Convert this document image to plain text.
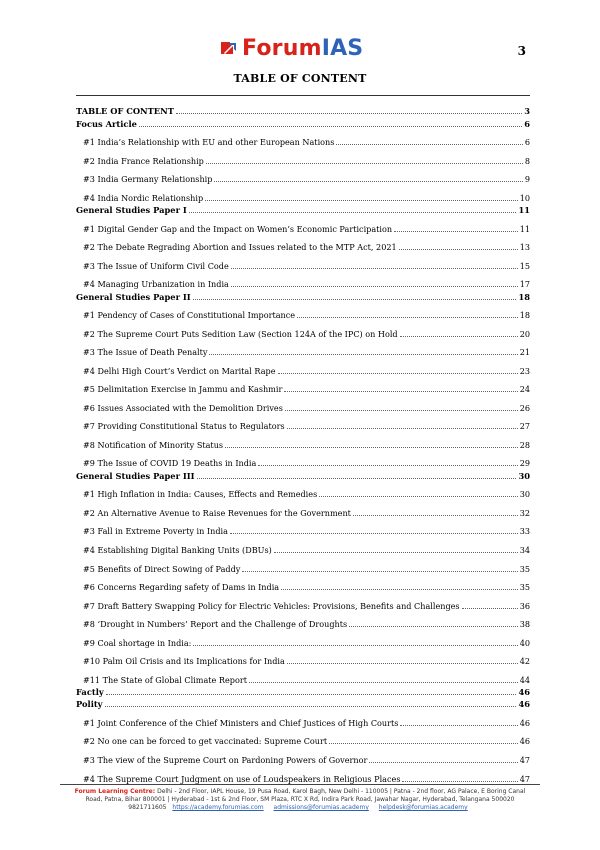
ForumIAS	3
TABLE OF CONTENT
TABLE OF CONTENT	3
Focus Article	6
#1 India’s Relationship with EU and other European Nations	6
#2 India France Relationship	8
#3 India Germany Relationship	9
#4 India Nordic Relationship	10
General Studies Paper I	11
#1 Digital Gender Gap and the Impact on Women’s Economic Participation	11
#2 The Debate Regrading Abortion and Issues related to the MTP Act, 2021	13
#3 The Issue of Uniform Civil Code	15
#4 Managing Urbanization in India	17
General Studies Paper II	18
#1 Pendency of Cases of Constitutional Importance	18
#2 The Supreme Court Puts Sedition Law (Section 124A of the IPC) on Hold	20
#3 The Issue of Death Penalty	21
#4 Delhi High Court’s Verdict on Marital Rape	23
#5 Delimitation Exercise in Jammu and Kashmir	24
#6 Issues Associated with the Demolition Drives	26
#7 Providing Constitutional Status to Regulators	27
#8 Notification of Minority Status	28
#9 The Issue of COVID 19 Deaths in India	29
General Studies Paper III	30
#1 High Inflation in India: Causes, Effects and Remedies	30
#2 An Alternative Avenue to Raise Revenues for the Government	32
#3 Fall in Extreme Poverty in India	33
#4 Establishing Digital Banking Units (DBUs)	34
#5 Benefits of Direct Sowing of Paddy	35
#6 Concerns Regarding safety of Dams in India	35
#7 Draft Battery Swapping Policy for Electric Vehicles: Provisions, Benefits and Challenges	36
#8 ‘Drought in Numbers’ Report and the Challenge of Droughts	38
#9 Coal shortage in India:	40
#10 Palm Oil Crisis and its Implications for India	42
#11 The State of Global Climate Report	44
Factly	46
Polity	46
#1 Joint Conference of the Chief Ministers and Chief Justices of High Courts	46
#2 No one can be forced to get vaccinated: Supreme Court	46
#3 The view of the Supreme Court on Pardoning Powers of Governor	47
#4 The Supreme Court Judgment on use of Loudspeakers in Religious Places	47
Forum Learning Centre: Delhi - 2nd Floor, IAPL House, 19 Pusa Road, Karol Bagh, New Delhi - 110005 | Patna - 2nd floor, AG Palace, E Boring Canal
Road, Patna, Bihar 800001 | Hyderabad - 1st & 2nd Floor, SM Plaza, RTC X Rd, Indira Park Road, Jawahar Nagar, Hyderabad, Telangana 500020
9821711605 https://academy.forumias.com admissions@forumias.academy helpdesk@forumias.academy
